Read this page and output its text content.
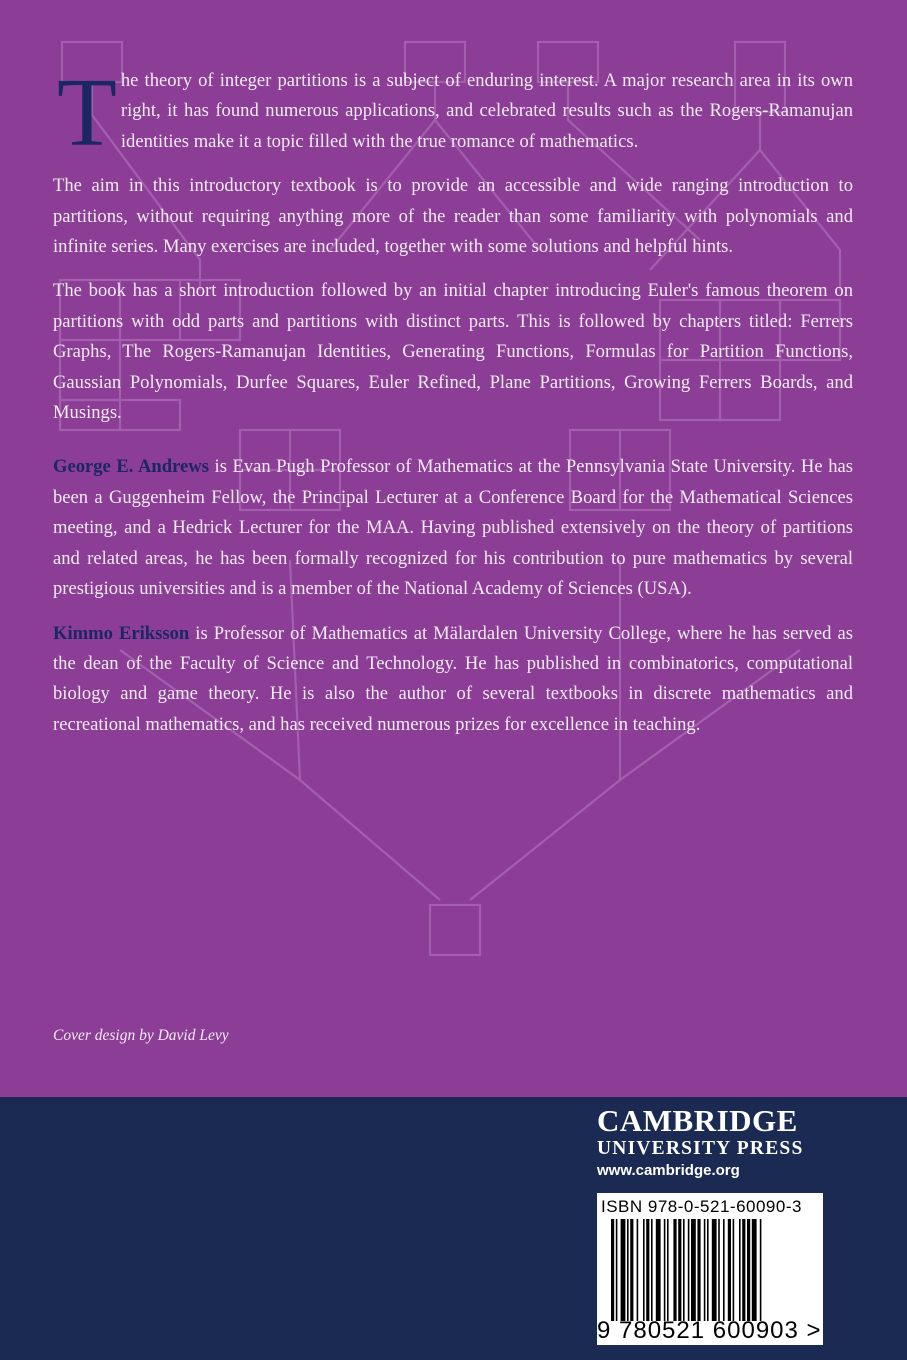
The theory of integer partitions is a subject of enduring interest. A major research area in its own right, it has found numerous applications, and celebrated results such as the Rogers-Ramanujan identities make it a topic filled with the true romance of mathematics.

The aim in this introductory textbook is to provide an accessible and wide ranging introduction to partitions, without requiring anything more of the reader than some familiarity with polynomials and infinite series. Many exercises are included, together with some solutions and helpful hints.

The book has a short introduction followed by an initial chapter introducing Euler's famous theorem on partitions with odd parts and partitions with distinct parts. This is followed by chapters titled: Ferrers Graphs, The Rogers-Ramanujan Identities, Generating Functions, Formulas for Partition Functions, Gaussian Polynomials, Durfee Squares, Euler Refined, Plane Partitions, Growing Ferrers Boards, and Musings.

George E. Andrews is Evan Pugh Professor of Mathematics at the Pennsylvania State University. He has been a Guggenheim Fellow, the Principal Lecturer at a Conference Board for the Mathematical Sciences meeting, and a Hedrick Lecturer for the MAA. Having published extensively on the theory of partitions and related areas, he has been formally recognized for his contribution to pure mathematics by several prestigious universities and is a member of the National Academy of Sciences (USA).

Kimmo Eriksson is Professor of Mathematics at Mälardalen University College, where he has served as the dean of the Faculty of Science and Technology. He has published in combinatorics, computational biology and game theory. He is also the author of several textbooks in discrete mathematics and recreational mathematics, and has received numerous prizes for excellence in teaching.

Cover design by David Levy
CAMBRIDGE
UNIVERSITY PRESS
www.cambridge.org
ISBN 978-0-521-60090-3
9 780521 600903 >
